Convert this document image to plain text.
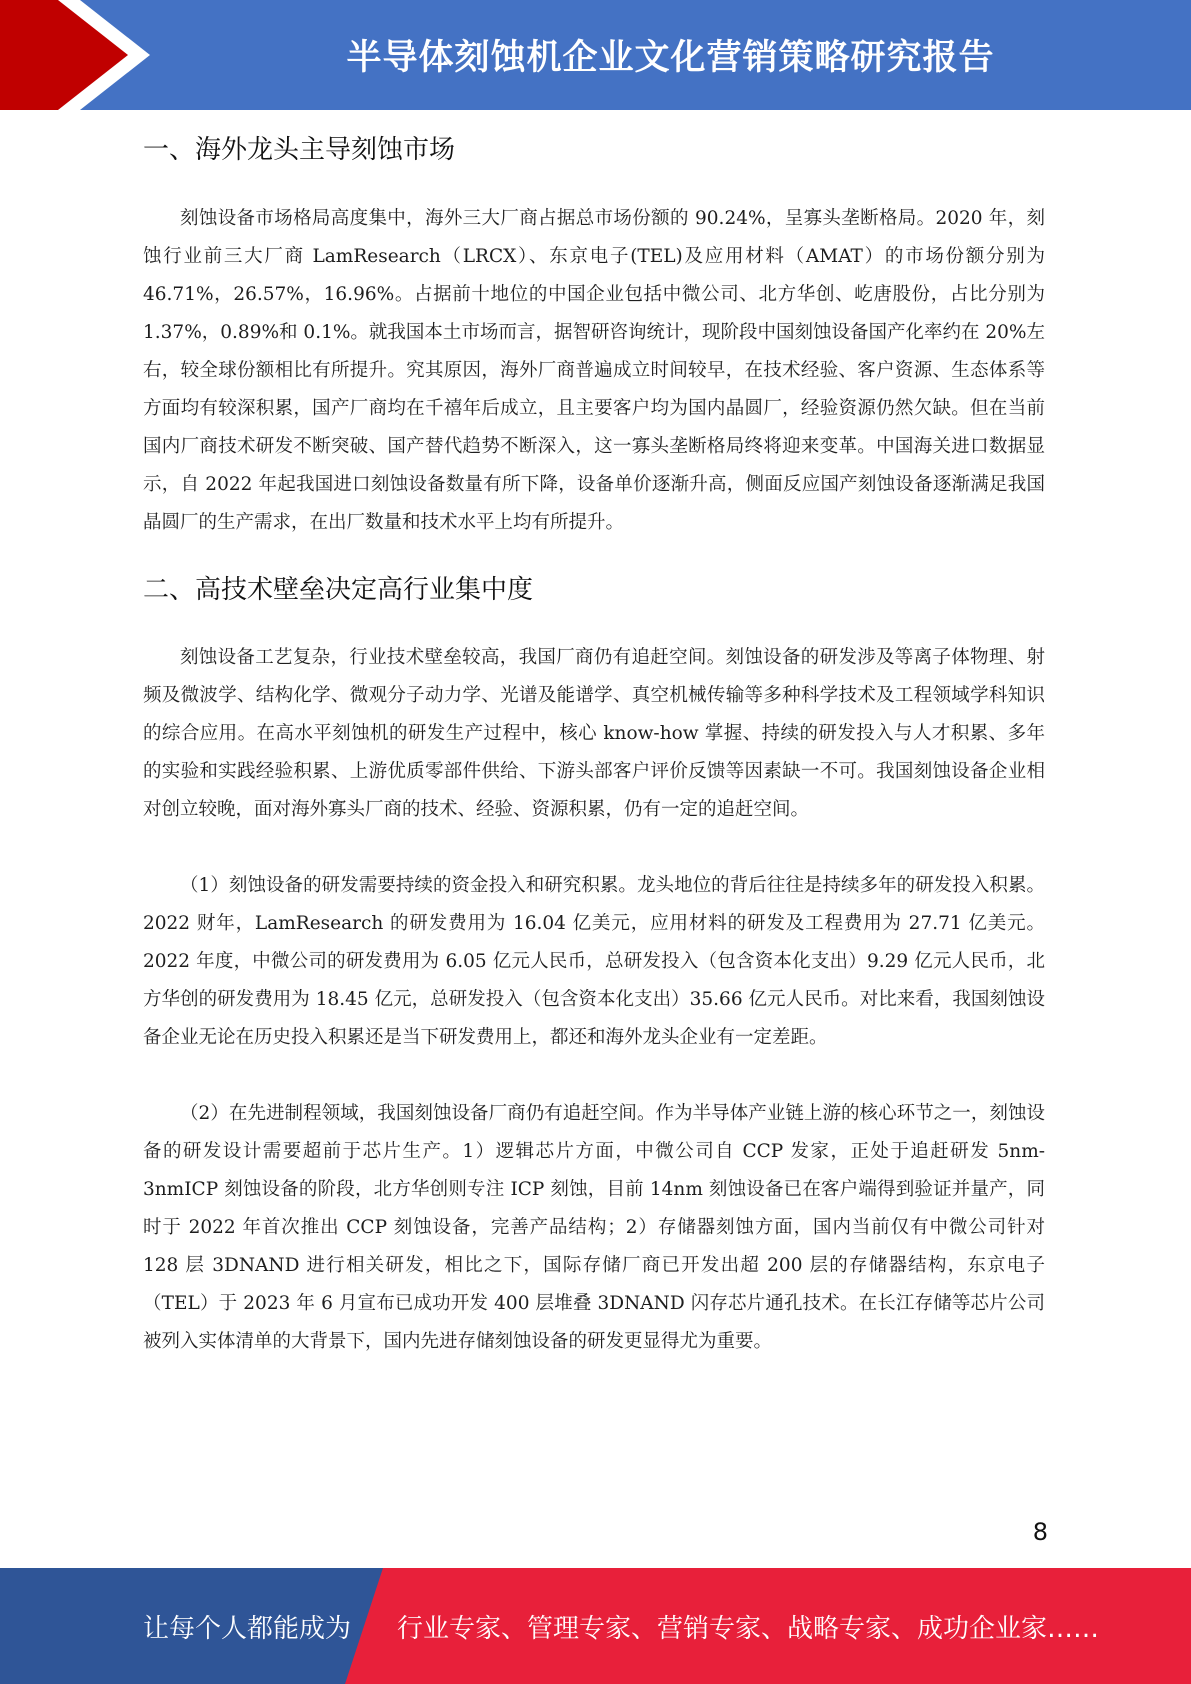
半导体刻蚀机企业文化营销策略研究报告
一、海外龙头主导刻蚀市场

刻蚀设备市场格局高度集中，海外三大厂商占据总市场份额的 90.24%，呈寡头垄断格局。2020 年，刻蚀行业前三大厂商 LamResearch（LRCX）、东京电子(TEL)及应用材料（AMAT）的市场份额分别为 46.71%，26.57%，16.96%。占据前十地位的中国企业包括中微公司、北方华创、屹唐股份，占比分别为 1.37%，0.89%和 0.1%。就我国本土市场而言，据智研咨询统计，现阶段中国刻蚀设备国产化率约在 20%左右，较全球份额相比有所提升。究其原因，海外厂商普遍成立时间较早，在技术经验、客户资源、生态体系等方面均有较深积累，国产厂商均在千禧年后成立，且主要客户均为国内晶圆厂，经验资源仍然欠缺。但在当前国内厂商技术研发不断突破、国产替代趋势不断深入，这一寡头垄断格局终将迎来变革。中国海关进口数据显示，自 2022 年起我国进口刻蚀设备数量有所下降，设备单价逐渐升高，侧面反应国产刻蚀设备逐渐满足我国晶圆厂的生产需求，在出厂数量和技术水平上均有所提升。

二、高技术壁垒决定高行业集中度

刻蚀设备工艺复杂，行业技术壁垒较高，我国厂商仍有追赶空间。刻蚀设备的研发涉及等离子体物理、射频及微波学、结构化学、微观分子动力学、光谱及能谱学、真空机械传输等多种科学技术及工程领域学科知识的综合应用。在高水平刻蚀机的研发生产过程中，核心 know-how 掌握、持续的研发投入与人才积累、多年的实验和实践经验积累、上游优质零部件供给、下游头部客户评价反馈等因素缺一不可。我国刻蚀设备企业相对创立较晚，面对海外寡头厂商的技术、经验、资源积累，仍有一定的追赶空间。

（1）刻蚀设备的研发需要持续的资金投入和研究积累。龙头地位的背后往往是持续多年的研发投入积累。2022 财年，LamResearch 的研发费用为 16.04 亿美元，应用材料的研发及工程费用为 27.71 亿美元。2022 年度，中微公司的研发费用为 6.05 亿元人民币，总研发投入（包含资本化支出）9.29 亿元人民币，北方华创的研发费用为 18.45 亿元，总研发投入（包含资本化支出）35.66 亿元人民币。对比来看，我国刻蚀设备企业无论在历史投入积累还是当下研发费用上，都还和海外龙头企业有一定差距。

（2）在先进制程领域，我国刻蚀设备厂商仍有追赶空间。作为半导体产业链上游的核心环节之一，刻蚀设备的研发设计需要超前于芯片生产。1）逻辑芯片方面，中微公司自 CCP 发家，正处于追赶研发 5nm-3nmICP 刻蚀设备的阶段，北方华创则专注 ICP 刻蚀，目前 14nm 刻蚀设备已在客户端得到验证并量产，同时于 2022 年首次推出 CCP 刻蚀设备，完善产品结构；2）存储器刻蚀方面，国内当前仅有中微公司针对 128 层 3DNAND 进行相关研发，相比之下，国际存储厂商已开发出超 200 层的存储器结构，东京电子（TEL）于 2023 年 6 月宣布已成功开发 400 层堆叠 3DNAND 闪存芯片通孔技术。在长江存储等芯片公司被列入实体清单的大背景下，国内先进存储刻蚀设备的研发更显得尤为重要。

8
让每个人都能成为 行业专家、管理专家、营销专家、战略专家、成功企业家……
